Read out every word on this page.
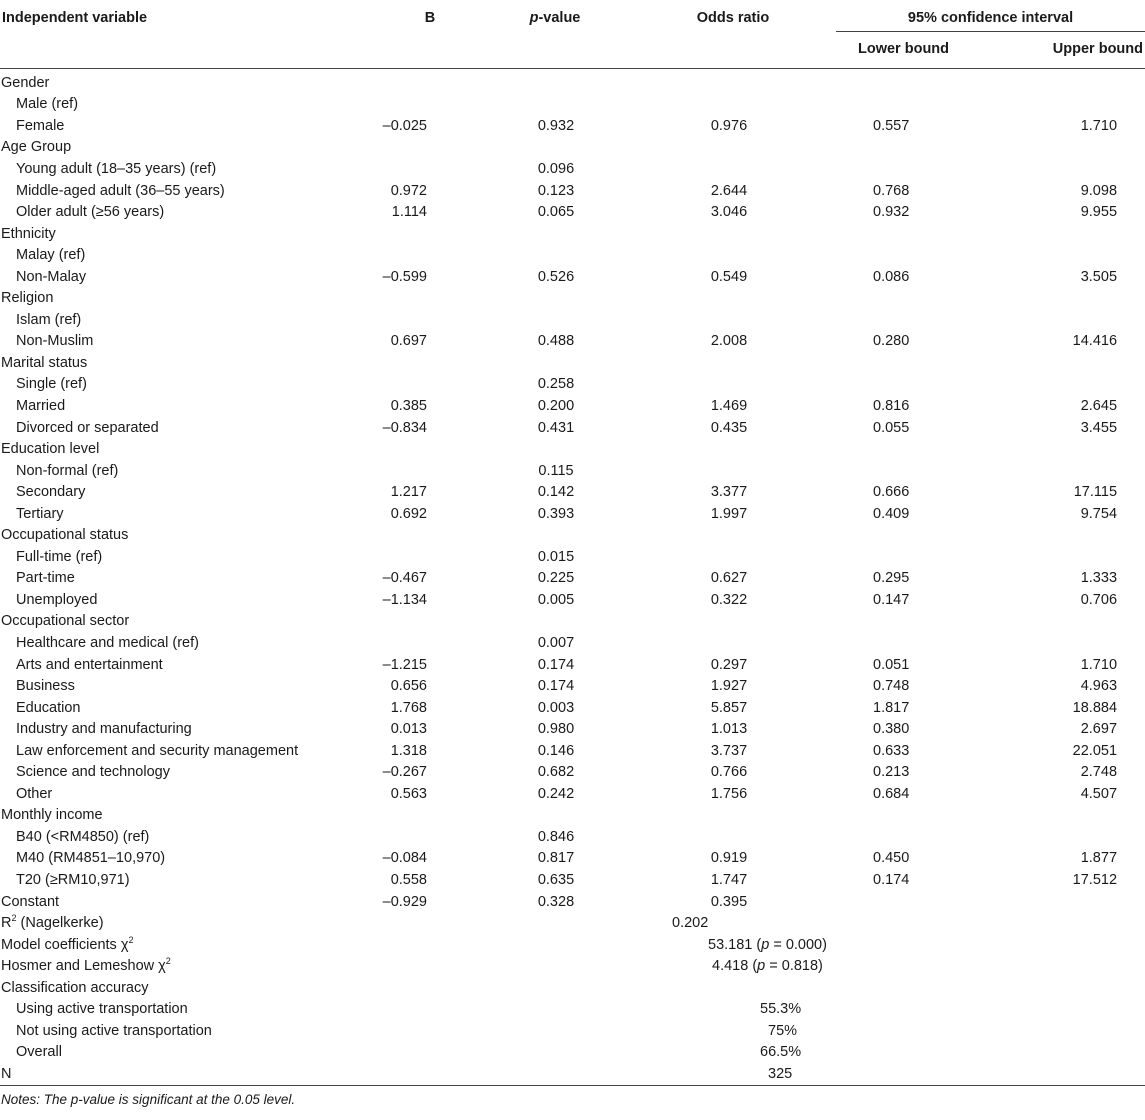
Independent variable	B	p-value	Odds ratio	95% confidence interval	
				Lower bound	Upper bound
Gender					
Male (ref)					
Female	–0.025	0.932	0.976	0.557	1.710
Age Group					
Young adult (18–35 years) (ref)		0.096			
Middle-aged adult (36–55 years)	0.972	0.123	2.644	0.768	9.098
Older adult (≥56 years)	1.114	0.065	3.046	0.932	9.955
Ethnicity					
Malay (ref)					
Non-Malay	–0.599	0.526	0.549	0.086	3.505
Religion					
Islam (ref)					
Non-Muslim	0.697	0.488	2.008	0.280	14.416
Marital status					
Single (ref)		0.258			
Married	0.385	0.200	1.469	0.816	2.645
Divorced or separated	–0.834	0.431	0.435	0.055	3.455
Education level					
Non-formal (ref)		0.115			
Secondary	1.217	0.142	3.377	0.666	17.115
Tertiary	0.692	0.393	1.997	0.409	9.754
Occupational status					
Full-time (ref)		0.015			
Part-time	–0.467	0.225	0.627	0.295	1.333
Unemployed	–1.134	0.005	0.322	0.147	0.706
Occupational sector					
Healthcare and medical (ref)		0.007			
Arts and entertainment	–1.215	0.174	0.297	0.051	1.710
Business	0.656	0.174	1.927	0.748	4.963
Education	1.768	0.003	5.857	1.817	18.884
Industry and manufacturing	0.013	0.980	1.013	0.380	2.697
Law enforcement and security management	1.318	0.146	3.737	0.633	22.051
Science and technology	–0.267	0.682	0.766	0.213	2.748
Other	0.563	0.242	1.756	0.684	4.507
Monthly income					
B40 (<RM4850) (ref)		0.846			
M40 (RM4851–10,970)	–0.084	0.817	0.919	0.450	1.877
T20 (≥RM10,971)	0.558	0.635	1.747	0.174	17.512
Constant	–0.929	0.328	0.395		
$R^2$ (Nagelkerke)			0.202		
Model coefficients $\chi^2$			53.181 (p = 0.000)		
Hosmer and Lemeshow $\chi^2$			4.418 (p = 0.818)		
Classification accuracy					
Using active transportation			55.3%		
Not using active transportation			75%		
Overall			66.5%		
N			325		
Notes: The p-value is significant at the 0.05 level.
